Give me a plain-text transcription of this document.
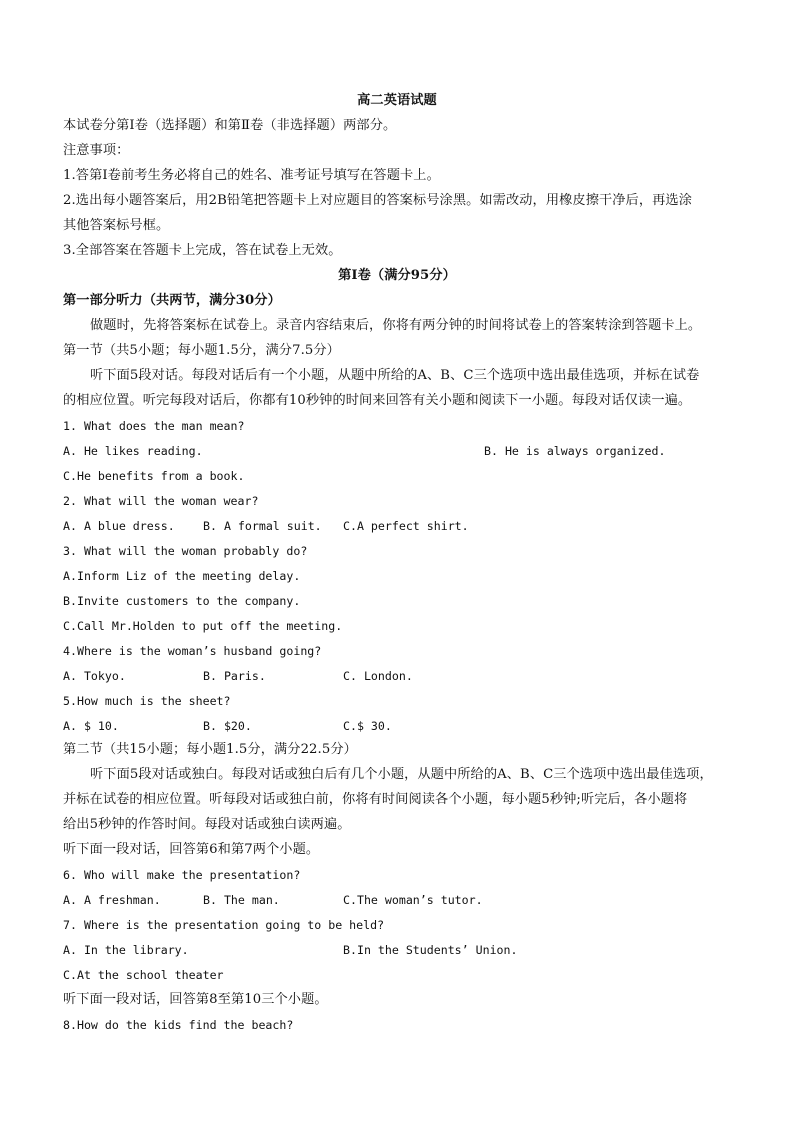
高二英语试题
本试卷分第Ⅰ卷（选择题）和第Ⅱ卷（非选择题）两部分。
注意事项：
1.答第Ⅰ卷前考生务必将自己的姓名、准考证号填写在答题卡上。
2.选出每小题答案后，用2B铅笔把答题卡上对应题目的答案标号涂黑。如需改动，用橡皮擦干净后，再选涂
其他答案标号框。
3.全部答案在答题卡上完成，答在试卷上无效。
第Ⅰ卷（满分95分）
第一部分听力（共两节，满分30分）
做题时，先将答案标在试卷上。录音内容结束后，你将有两分钟的时间将试卷上的答案转涂到答题卡上。
第一节（共5小题；每小题1.5分，满分7.5分）
听下面5段对话。每段对话后有一个小题，从题中所给的A、B、C三个选项中选出最佳选项，并标在试卷
的相应位置。听完每段对话后，你都有10秒钟的时间来回答有关小题和阅读下一小题。每段对话仅读一遍。
1. What does the man mean?
A. He likes reading.	B. He is always organized.
C.He benefits from a book.
2. What will the woman wear?
A. A blue dress. B. A formal suit. C.A perfect shirt.
3. What will the woman probably do?
A.Inform Liz of the meeting delay.
B.Invite customers to the company.
C.Call Mr.Holden to put off the meeting.
4.Where is the woman’s husband going?
A. Tokyo.	B. Paris.	C. London.
5.How much is the sheet?
A. $ 10.	B. $20.	C.$ 30.
第二节（共15小题；每小题1.5分，满分22.5分）
听下面5段对话或独白。每段对话或独白后有几个小题，从题中所给的A、B、C三个选项中选出最佳选项，
并标在试卷的相应位置。听每段对话或独白前，你将有时间阅读各个小题，每小题5秒钟;听完后，各小题将
给出5秒钟的作答时间。每段对话或独白读两遍。
听下面一段对话，回答第6和第7两个小题。
6. Who will make the presentation?
A. A freshman.	B. The man.	C.The woman’s tutor.
7. Where is the presentation going to be held?
A. In the library.	B.In the Students’ Union.
C.At the school theater
听下面一段对话，回答第8至第10三个小题。
8.How do the kids find the beach?
